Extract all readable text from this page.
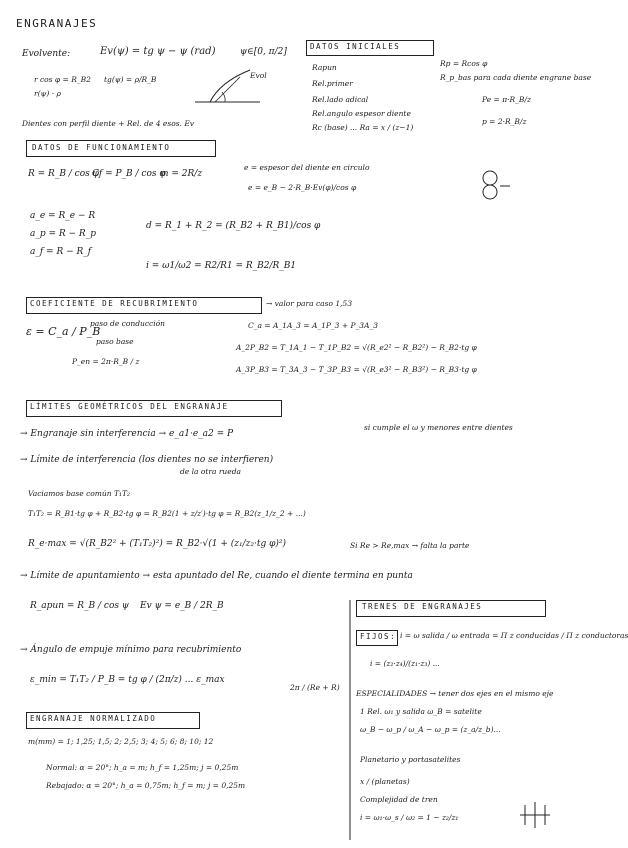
ENGRANAJES
Evolvente:	Ev(ψ) = tg ψ − ψ (rad)	ψ∈[0, π/2]
r cos φ = R_B2
r(ψ) · ρ
tg(ψ) = ρ/R_B	Evol
Dientes con perfil diente + Rel. de 4 esos. Ev
DATOS INICIALES
Rapun
Rel.primer
Rel.lado adical
Rel.angulo espesor diente
Rc (base) ... Ra = x / (z−1)
Rp = Rcos φ
R_p_bas para cada diente engrane base
Pe = π·R_B/z
p = 2·R_B/z
DATOS DE FUNCIONAMIENTO
R = R_B / cos φ
Cf = P_B / cos φ
m = 2R/z
e = espesor del diente en circulo
e = e_B − 2·R_B·Ev(φ)/cos φ
a_e = R_e − R
a_p = R − R_p
a_f = R − R_f
d = R_1 + R_2 = (R_B2 + R_B1)/cos φ
i = ω1/ω2 = R2/R1 = R_B2/R_B1
COEFICIENTE DE RECUBRIMIENTO	→ valor para caso 1,53
ε = C_a / P_B
paso de conducción
paso base
P_en = 2π·R_B / z
C_a = A_1A_3 = A_1P_3 + P_3A_3
A_2P_B2 = T_1A_1 − T_1P_B2 = √(R_e2² − R_B2²) − R_B2·tg φ
A_3P_B3 = T_3A_3 − T_3P_B3 = √(R_e3² − R_B3²) − R_B3·tg φ
LÍMITES GEOMÉTRICOS DEL ENGRANAJE
→ Engranaje sin interferencia → e_a1·e_a2 = P
si cumple el ω y menores entre dientes
→ Límite de interferencia (los dientes no se interfieren)
de la otra rueda
Vaciamos base común T₁T₂
T₁T₂ = R_B1·tg φ + R_B2·tg φ = R_B2(1 + z/z′)·tg φ = R_B2(z_1/z_2 + ...)
R_e·max = √(R_B2² + (T₁T₂)²) = R_B2·√(1 + (z₁/z₂·tg φ)²)	Si Re > Re,max → falta la parte
→ Límite de apuntamiento → esta apuntado del Re, cuando el diente termina en punta
R_apun = R_B / cos ψ Ev ψ = e_B / 2R_B
→ Ángulo de empuje mínimo para recubrimiento
ε_min = T₁T₂ / P_B = tg φ / (2π/z) ... ε_max
2π / (Re + R)
ENGRANAJE NORMALIZADO
m(mm) = 1; 1,25; 1,5; 2; 2,5; 3; 4; 5; 6; 8; 10; 12
Normal: α = 20°; h_a = m; h_f = 1,25m; j = 0,25m
Rebajado: α = 20°; h_a = 0,75m; h_f = m; j = 0,25m
TRENES DE ENGRANAJES
FIJOS: i = ω salida / ω entrada = Π z conducidas / Π z conductoras
i = (z₂·z₄)/(z₁·z₃) ...
ESPECIALIDADES → tener dos ejes en el mismo eje
1 Rel. ω₁ y salida ω_B = satelite
ω_B − ω_p / ω_A − ω_p = (z_a/z_b)...
Planetario y portasatelites
x / (planetas)
Complejidad de tren
i = ω₁·ω_s / ω₂ = 1 − z₂/z₁
